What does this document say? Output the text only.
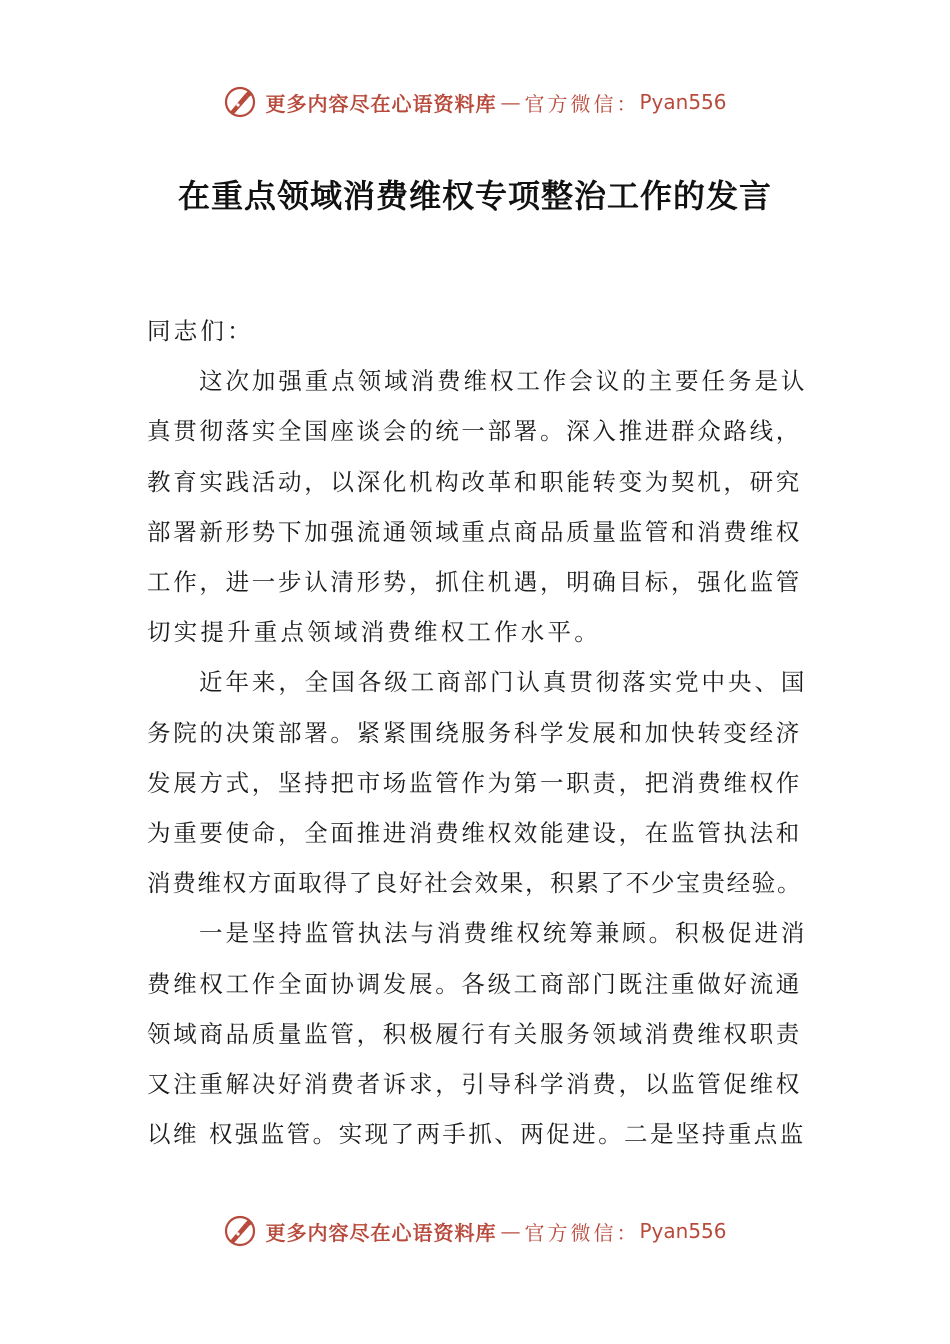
更多内容尽在心语资料库 — 官方微信： Pyan556
在重点领域消费维权专项整治工作的发言

同志们：

这次加强重点领域消费维权工作会议的主要任务是认
真贯彻落实全国座谈会的统一部署。深入推进群众路线，
教育实践活动，以深化机构改革和职能转变为契机，研究
部署新形势下加强流通领域重点商品质量监管和消费维权
工作，进一步认清形势，抓住机遇，明确目标，强化监管
切实提升重点领域消费维权工作水平。

近年来，全国各级工商部门认真贯彻落实党中央、国
务院的决策部署。紧紧围绕服务科学发展和加快转变经济
发展方式，坚持把市场监管作为第一职责，把消费维权作
为重要使命，全面推进消费维权效能建设，在监管执法和
消费维权方面取得了良好社会效果，积累了不少宝贵经验。

一是坚持监管执法与消费维权统筹兼顾。积极促进消
费维权工作全面协调发展。各级工商部门既注重做好流通
领域商品质量监管，积极履行有关服务领域消费维权职责
又注重解决好消费者诉求，引导科学消费，以监管促维权
以维 权强监管。实现了两手抓、两促进。二是坚持重点监

更多内容尽在心语资料库 — 官方微信： Pyan556
